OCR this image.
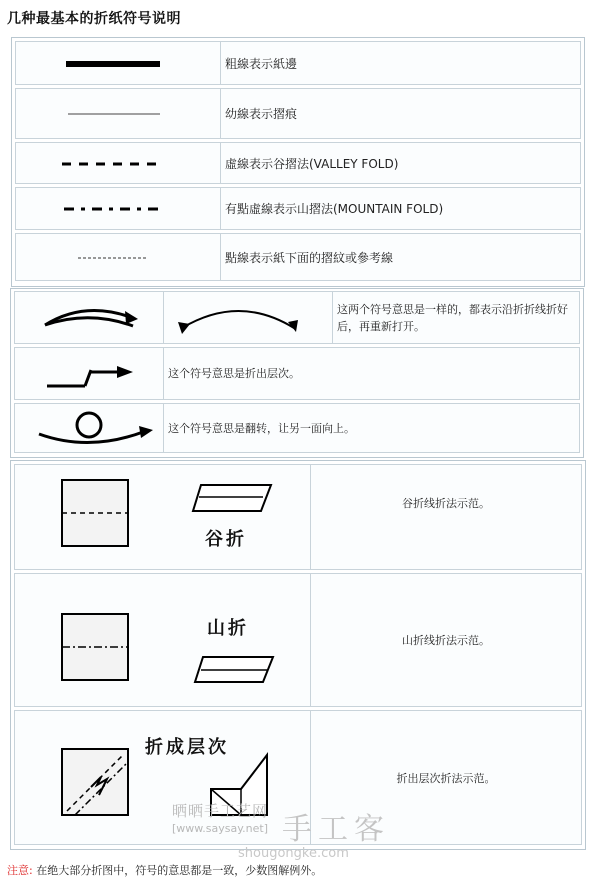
几种最基本的折纸符号说明
粗線表示紙邊
幼線表示摺痕
虛線表示谷摺法(VALLEY FOLD)
有點虛線表示山摺法(MOUNTAIN FOLD)
點線表示紙下面的摺紋或參考線
这两个符号意思是一样的，都表示沿折折线折好后，再重新打开。
这个符号意思是折出层次。
这个符号意思是翻转，让另一面向上。
谷折
谷折线折法示范。
山折
山折线折法示范。
折成层次
折出层次折法示范。
晒晒手工艺网
[www.saysay.net] 手工客
shougongke.com
注意: 在绝大部分折图中，符号的意思都是一致，少数图解例外。
